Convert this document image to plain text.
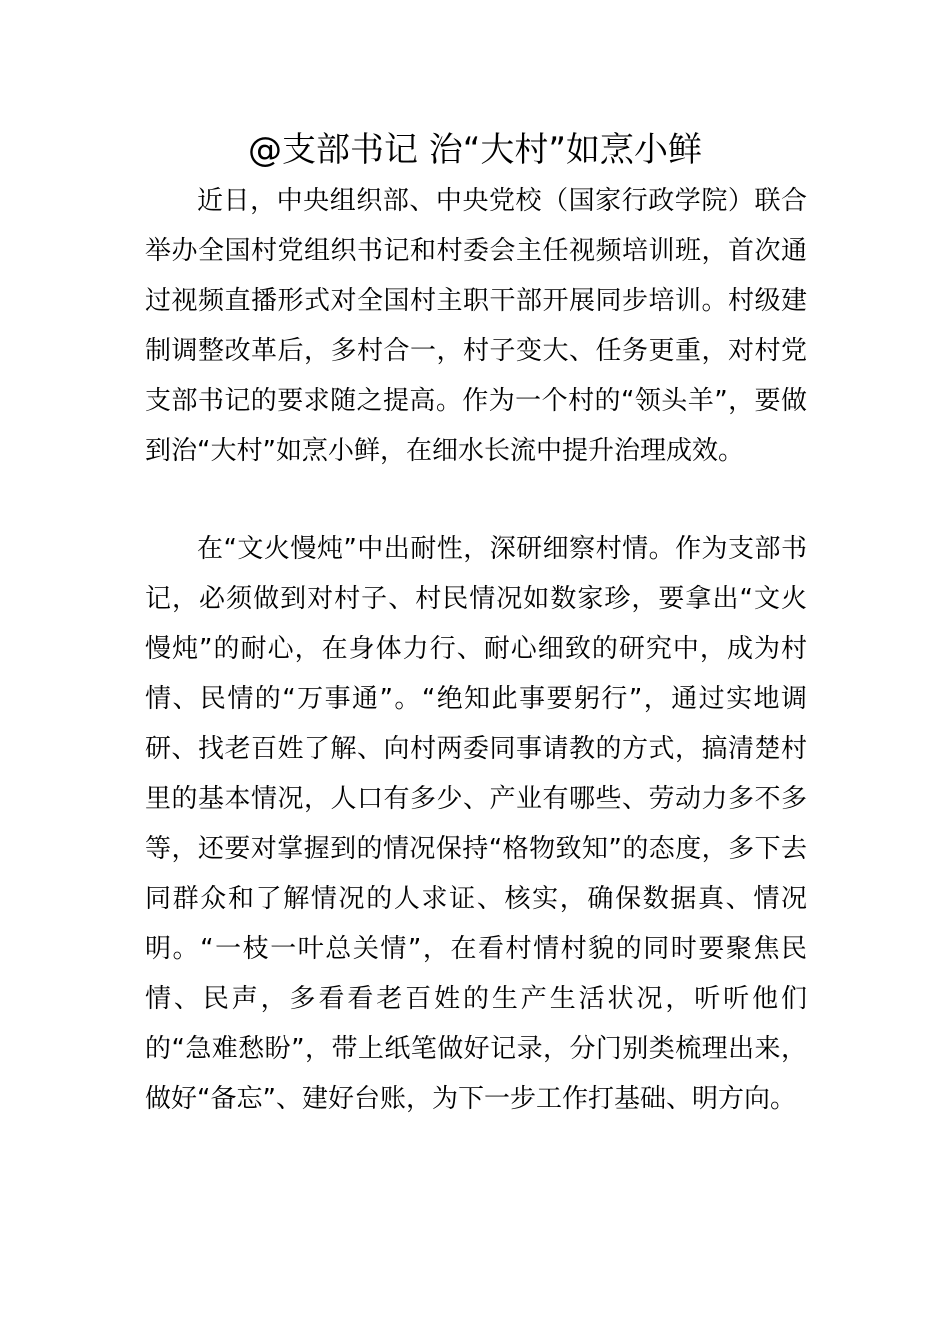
@支部书记 治“大村”如烹小鲜

近日，中央组织部、中央党校（国家行政学院）联合举办全国村党组织书记和村委会主任视频培训班，首次通过视频直播形式对全国村主职干部开展同步培训。村级建制调整改革后，多村合一，村子变大、任务更重，对村党支部书记的要求随之提高。作为一个村的“领头羊”，要做到治“大村”如烹小鲜，在细水长流中提升治理成效。

在“文火慢炖”中出耐性，深研细察村情。作为支部书记，必须做到对村子、村民情况如数家珍，要拿出“文火慢炖”的耐心，在身体力行、耐心细致的研究中，成为村情、民情的“万事通”。“绝知此事要躬行”，通过实地调研、找老百姓了解、向村两委同事请教的方式，搞清楚村里的基本情况，人口有多少、产业有哪些、劳动力多不多等，还要对掌握到的情况保持“格物致知”的态度，多下去同群众和了解情况的人求证、核实，确保数据真、情况明。“一枝一叶总关情”，在看村情村貌的同时要聚焦民情、民声，多看看老百姓的生产生活状况，听听他们的“急难愁盼”，带上纸笔做好记录，分门别类梳理出来，做好“备忘”、建好台账，为下一步工作打基础、明方向。
